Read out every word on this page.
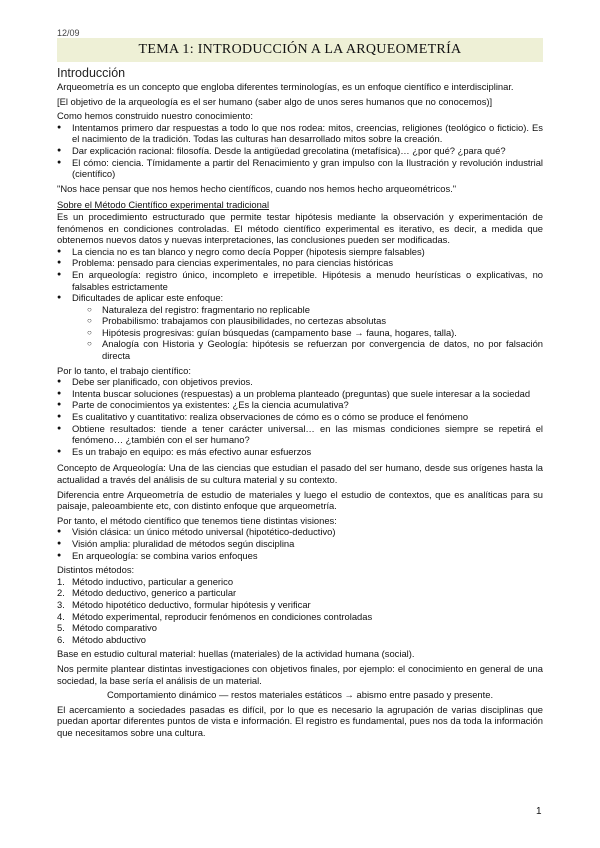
12/09
TEMA 1: INTRODUCCIÓN A LA ARQUEOMETRÍA
Introducción

Arqueometría es un concepto que engloba diferentes terminologías, es un enfoque científico e interdisciplinar.

[El objetivo de la arqueología es el ser humano (saber algo de unos seres humanos que no conocemos)]

Como hemos construido nuestro conocimiento:

● Intentamos primero dar respuestas a todo lo que nos rodea: mitos, creencias, religiones (teológico o ficticio). Es el nacimiento de la tradición. Todas las culturas han desarrollado mitos sobre la creación.
● Dar explicación racional: filosofía. Desde la antigüedad grecolatina (metafísica)… ¿por qué? ¿para qué?
● El cómo: ciencia. Tímidamente a partir del Renacimiento y gran impulso con la Ilustración y revolución industrial (científico)

"Nos hace pensar que nos hemos hecho científicos, cuando nos hemos hecho arqueométricos."

Sobre el Método Científico experimental tradicional

Es un procedimiento estructurado que permite testar hipótesis mediante la observación y experimentación de fenómenos en condiciones controladas. El método científico experimental es iterativo, es decir, a medida que obtenemos nuevos datos y nuevas interpretaciones, las conclusiones pueden ser modificadas.

● La ciencia no es tan blanco y negro como decía Popper (hipotesis siempre falsables)
● Problema: pensado para ciencias experimentales, no para ciencias históricas
● En arqueología: registro único, incompleto e irrepetible. Hipótesis a menudo heurísticas o explicativas, no falsables estrictamente
● Dificultades de aplicar este enfoque:
○ Naturaleza del registro: fragmentario no replicable
○ Probabilismo: trabajamos con plausibilidades, no certezas absolutas
○ Hipótesis progresivas: guían búsquedas (campamento base → fauna, hogares, talla).
○ Analogía con Historia y Geología: hipótesis se refuerzan por convergencia de datos, no por falsación directa

Por lo tanto, el trabajo científico:

● Debe ser planificado, con objetivos previos.
● Intenta buscar soluciones (respuestas) a un problema planteado (preguntas) que suele interesar a la sociedad
● Parte de conocimientos ya existentes: ¿Es la ciencia acumulativa?
● Es cualitativo y cuantitativo: realiza observaciones de cómo es o cómo se produce el fenómeno
● Obtiene resultados: tiende a tener carácter universal… en las mismas condiciones siempre se repetirá el fenómeno… ¿también con el ser humano?
● Es un trabajo en equipo: es más efectivo aunar esfuerzos

Concepto de Arqueología: Una de las ciencias que estudian el pasado del ser humano, desde sus orígenes hasta la actualidad a través del análisis de su cultura material y su contexto.

Diferencia entre Arqueometría de estudio de materiales y luego el estudio de contextos, que es analíticas para su paisaje, paleoambiente etc, con distinto enfoque que arqueometría.

Por tanto, el método científico que tenemos tiene distintas visiones:

● Visión clásica: un único método universal (hipotético-deductivo)
● Visión amplia: pluralidad de métodos según disciplina
● En arqueología: se combina varios enfoques

Distintos métodos:

1. Método inductivo, particular a generico
2. Método deductivo, generico a particular
3. Método hipotético deductivo, formular hipótesis y verificar
4. Método experimental, reproducir fenómenos en condiciones controladas
5. Método comparativo
6. Método abductivo

Base en estudio cultural material: huellas (materiales) de la actividad humana (social).

Nos permite plantear distintas investigaciones con objetivos finales, por ejemplo: el conocimiento en general de una sociedad, la base sería el análisis de un material.

Comportamiento dinámico — restos materiales estáticos → abismo entre pasado y presente.

El acercamiento a sociedades pasadas es difícil, por lo que es necesario la agrupación de varias disciplinas que puedan aportar diferentes puntos de vista e información. El registro es fundamental, pues nos da toda la información que necesitamos sobre una cultura.

1
